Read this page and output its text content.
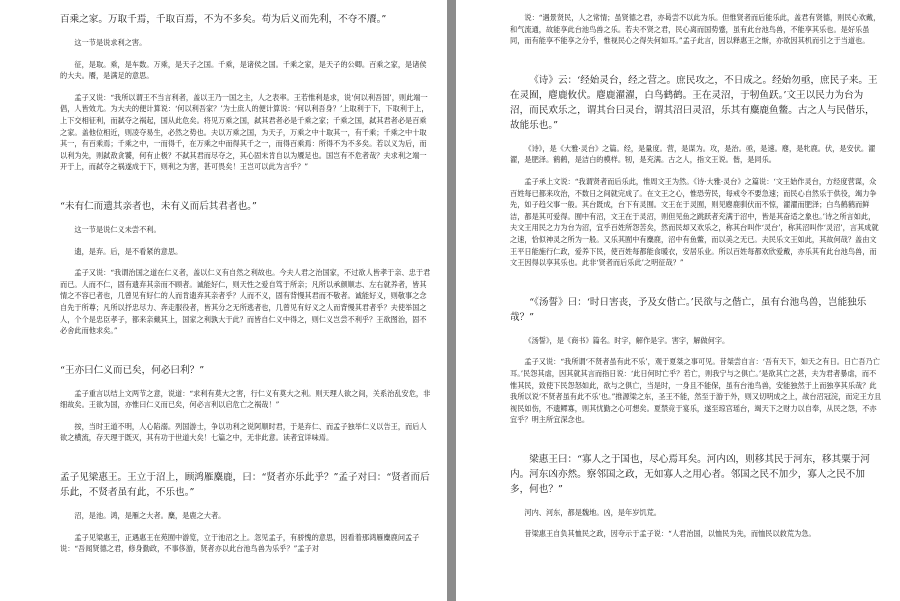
百乘之家。万取千焉，千取百焉，不为不多矣。苟为后义而先利，不夺不餍。”

这一节是说求利之害。

征，是取。乘，是车数。万乘，是天子之国。千乘，是诸侯之国。千乘之家，是天子的公卿。百乘之家，是诸侯的大夫。餍，是满足的意思。

孟子又说：“我所以谓王不当言利者，盖以王乃一国之主，人之表率。王若惟利是求，说‘何以利吾国’，则此端一倡，人皆效尤。为大夫的便计算说：‘何以利吾家？’为士庶人的便计算说：‘何以利吾身？’上取利于下，下取利于上，上下交相征利，而弑夺之祸起，国从此危矣。将见万乘之国，弑其君者必是千乘之家；千乘之国，弑其君者必是百乘之家。盖他位相近，则凌夺易生，必然之势也。夫以万乘之国，为天子，万乘之中十取其一，有千乘；千乘之中十取其一，有百乘焉；千乘之中，一而得千，在万乘之中而得其千之一，而得百乘焉：所得不为不多矣。若以义为后，而以利为先，则弑敌贪饕，何有止极？不弑其君而尽夺之，其心固未肯自以为餍足也。国岂有不危者哉？夫求利之端一开于上，而弑夺之祸遂成于下，则利之为害，甚可畏矣！王岂可以此为言乎？”

“未有仁而遗其亲者也，未有义而后其君者也。”

这一节是说仁义未尝不利。

遗，是弃。后，是不看紧的意思。

孟子又说：“我谓治国之道在仁义者，盖以仁义有自然之利故也。今夫人君之治国家，不过欲人皆孝于亲、忠于君而已。人而不仁，固有遗弃其亲而不顾者。诚能好仁，则天性之爱自笃于所亲；凡所以承颜顺志、左右就养者，皆其情之不容已者也，几曾见有好仁的人而肯遗弃其亲者乎？人而不义，固有背慢其君而不敬者。诚能好义，则敬事之念自先于所尊；凡所以抒忠尽力、奔走服役者，皆其分之无所逃者也，几曾见有好义之人而背慢其君者乎？夫使举国之人，个个是忠臣孝子，都来亲戴其上，国家之利孰大于此？而皆自仁义中得之，则仁义岂尝不利乎？王欲图治，固不必舍此而他求矣。”

“王亦曰仁义而已矣，何必曰利？”

孟子重言以结上文两节之意，说道：“求利有莫大之害，行仁义有莫大之利。则天理人欲之间，关系治乱安危，非细故矣。王欲为国，亦惟曰仁义而已矣，何必言利以启危亡之祸哉！”

按，当时王道不明，人心陷溺。列国游士，争以功利之说阿顺时君，于是弃仁、而孟子独举仁义以告王，而后人欲之横流，存天理于既灭，其有功于世道大矣！七篇之中，无非此意。读者宜详味焉。

孟子见梁惠王。王立于沼上，顾鸿雁麋鹿，曰：“贤者亦乐此乎？”孟子对曰：“贤者而后乐此，不贤者虽有此，不乐也。”

沼，是池。鸿，是雁之大者。麋，是鹿之大者。

孟子见梁惠王，正遇惠王在苑囿中游览，立于池沼之上。忽见孟子，有骄愧的意思，因看着那鸿雁麋鹿问孟子说：“吾闻贤德之君，修身勤政，不事侈游，贤者亦以此台池鸟兽为乐乎？”孟子对

说：“遇景贤民，人之常情；虽贤德之君，亦曷尝不以此为乐。但惟贤者而后能乐此，盖君有贤德，则民心欢戴，和气流通，故能享此台池鸟兽之乐。若夫不贤之君，民心离而国势蹙，虽有此台池鸟兽，不能享其乐也。是好乐虽同，而有能享不能享之分乎，惟视民心之得失何如耳。”孟子此言，因以释惠王之惭，亦欲因其机而引之于当道也。

《诗》云：‘经始灵台，经之营之。庶民攻之，不日成之。经始勿亟，庶民子来。王在灵囿，麀鹿攸伏。麀鹿濯濯，白鸟鹤鹤。王在灵沼，于牣鱼跃。’文王以民力为台为沼，而民欢乐之，谓其台曰灵台，谓其沼曰灵沼，乐其有麋鹿鱼鳖。古之人与民偕乐，故能乐也。”

《诗》，是《大雅·灵台》之篇。经，是量度。营，是谋为。攻，是治。亟，是速。麀，是牝鹿。伏，是安伏。濯濯，是肥泽。鹤鹤，是洁白的模样。牣，是充满。古之人，指文王说。偕，是同乐。

孟子承上文说：“我谓贤者而后乐此，惟周文王为然。《诗·大雅·灵台》之篇说：‘文王始作灵台，方经度营谋，众百姓每已都来攻治，不数日之间就完成了。在文王之心，惟恐劳民，每戒令不要急速；而民心自然乐于供役，竭力争先，如子趋父事一般。其台既成，台下有灵囿。文王在于灵囿，则见麀鹿驯伏而不惊，濯濯而肥泽；白鸟鹤鹤而鲜洁，都是其可爱得。囿中有沼，文王在于灵沼，则但见鱼之跳跃者充满于沼中，皆是其奋适之象也。’诗之所言如此，夫文王用民之力为台为沼，宜乎百姓所怨苦矣，然而民却又欢乐之，称其台叫作‘灵台’，称其沼叫作‘灵沼’，言其成就之速，恰似神灵之所为一般。又乐其囿中有麋鹿，沼中有鱼鳖，而以美之无已。夫民乐文王如此，其故何哉？盖由文王平日能施行仁政，爱养下民，使百姓每都能食暖衣，安居乐业。所以百姓每都欢欣爱戴，亦乐其有此台池鸟兽，而文王因得以享其乐也。此非‘贤者而后乐此’之明征哉？”

“《汤誓》曰：‘时日害丧，予及女偕亡。’民欲与之偕亡，虽有台池鸟兽，岂能独乐哉？”

《汤誓》，是《商书》篇名。时字，解作是字。害字，解做何字。

孟子又说：“我所谓‘不贤者虽有此不乐’，观于夏桀之事可见。昔桀尝自言：‘吾有天下，如天之有日。日亡吾乃亡耳。’民怨其虐，因其就其言而指日说：‘此日何时亡乎？若亡，则我宁与之俱亡。’是欲其亡之甚，夫为君者暴虐，而不惟其民，致使下民怨怒如此，欲与之俱亡，当是时，一身且不能保，虽有台池鸟兽，安能独然于上而独享其乐哉？此我所以说‘不贤者虽有此不乐’也。”推源梁之东，圣王不能，然至于游于外，则又切明成之上，战台沼冠浣，而定王方且视民如伤，不遗鳏寡，则其忧勤之心可想矣。夏禁竞于宴乐，遂至琼宫瑶台，竭天下之财力以自奉，从民之怨，不亦宜乎？明主所宜深念也。

梁惠王曰：“寡人之于国也，尽心焉耳矣。河内凶，则移其民于河东，移其粟于河内。河东凶亦然。察邻国之政，无如寡人之用心者。邻国之民不加少，寡人之民不加多，何也？”

河内、河东，都是魏地。凶，是年岁饥荒。

昔梁惠王自负其恤民之政，因夸示于孟子说：“人君治国，以恤民为先，而恤民以救荒为急。
